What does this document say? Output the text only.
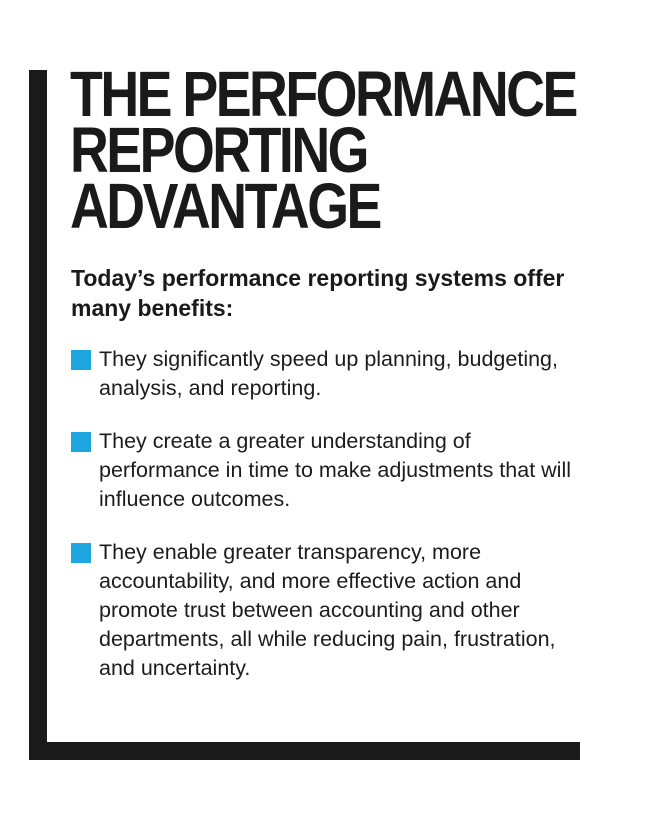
THE PERFORMANCE
REPORTING
ADVANTAGE

Today’s performance reporting systems offer many benefits:

They significantly speed up planning, budgeting, analysis, and reporting.
They create a greater understanding of performance in time to make adjustments that will influence outcomes.
They enable greater transparency, more accountability, and more effective action and promote trust between accounting and other departments, all while reducing pain, frustration, and uncertainty.
